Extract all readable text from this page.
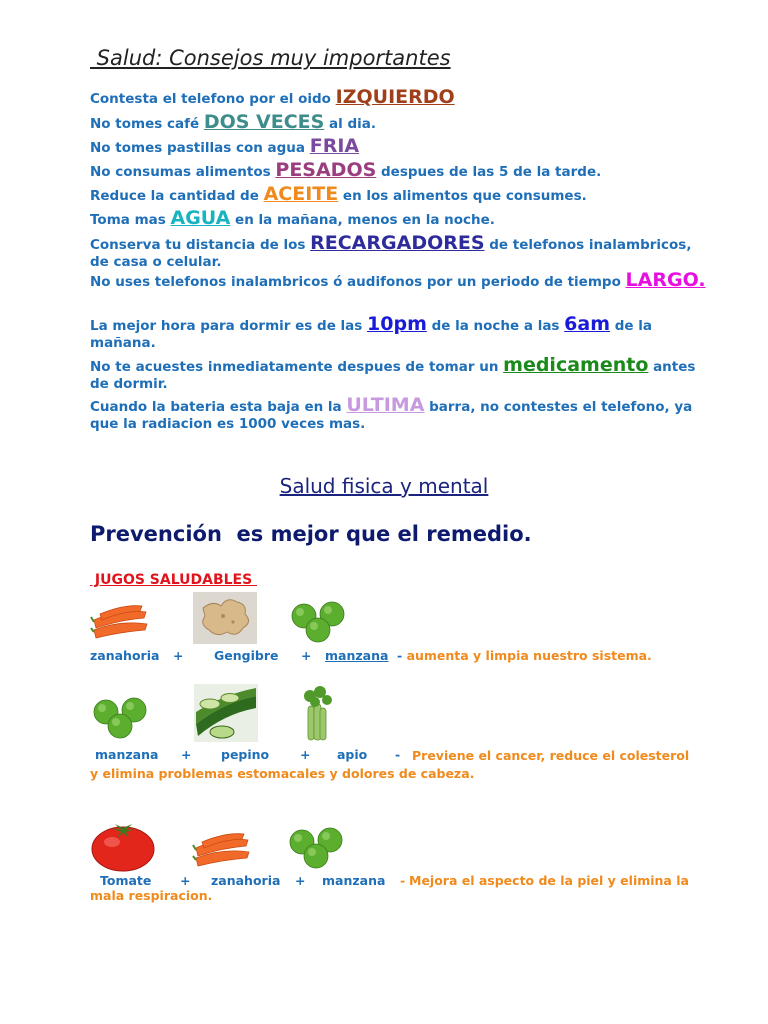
Salud: Consejos muy importantes
Contesta el telefono por el oido IZQUIERDO
No tomes café DOS VECES al dia.
No tomes pastillas con agua FRIA
No consumas alimentos PESADOS despues de las 5 de la tarde.
Reduce la cantidad de ACEITE en los alimentos que consumes.
Toma mas AGUA en la mañana, menos en la noche.
Conserva tu distancia de los RECARGADORES de telefonos inalambricos, de casa o celular.
No uses telefonos inalambricos ó audifonos por un periodo de tiempo LARGO.
La mejor hora para dormir es de las 10pm de la noche a las 6am de la mañana.
No te acuestes inmediatamente despues de tomar un medicamento antes de dormir.
Cuando la bateria esta baja en la ULTIMA barra, no contestes el telefono, ya que la radiacion es 1000 veces mas.
Salud fisica y mental
Prevención  es mejor que el remedio.
JUGOS SALUDABLES
zanahoria + Gengibre + manzana - aumenta y limpia nuestro sistema.
manzana + pepino + apio - Previene el cancer, reduce el colesterol y elimina problemas estomacales y dolores de cabeza.
Tomate + zanahoria + manzana - Mejora el aspecto de la piel y elimina la mala respiracion.
